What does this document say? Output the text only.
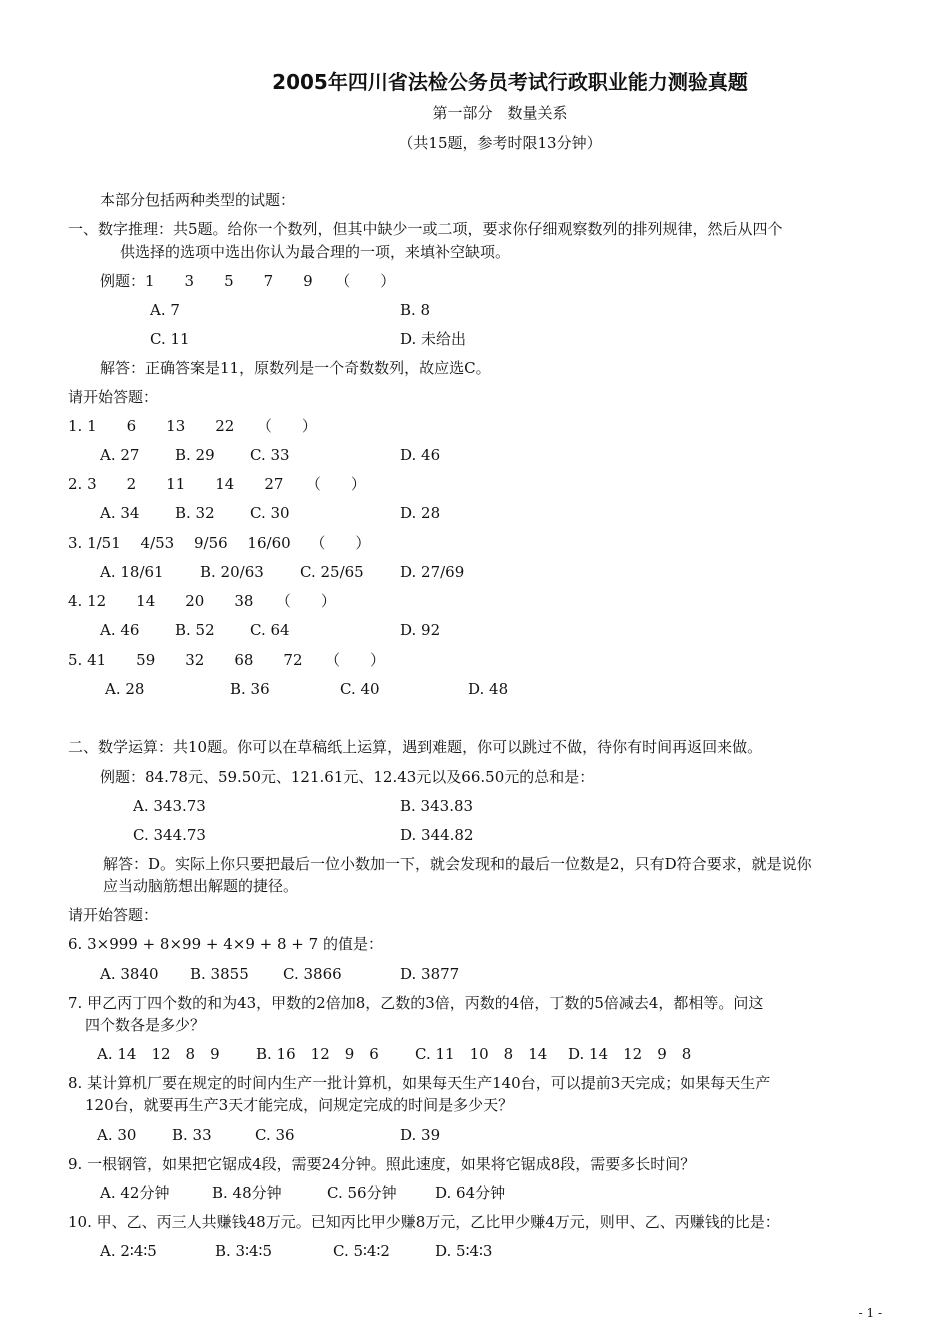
2005年四川省法检公务员考试行政职业能力测验真题
第一部分　数量关系
（共15题，参考时限13分钟）
本部分包括两种类型的试题：
一、数字推理：共5题。给你一个数列，但其中缺少一或二项，要求你仔细观察数列的排列规律，然后从四个
供选择的选项中选出你认为最合理的一项，来填补空缺项。
例题：1　　3　　5　　7　　9　　（　　）
A. 7	B. 8
C. 11	D. 未给出
解答：正确答案是11，原数列是一个奇数数列，故应选C。
请开始答题：
1. 1　　6　　13　　22　　（　　）
A. 27 B. 29 C. 33	D. 46
2. 3　　2　　11　　14　　27　　（　　）
A. 34 B. 32 C. 30	D. 28
3. 1/51　 4/53　 9/56　 16/60　 （　　）
A. 18/61 B. 20/63 C. 25/65 D. 27/69
4. 12　　14　　20　　38　　（　　）
A. 46 B. 52 C. 64	D. 92
5. 41　　59　　32　　68　　72　　（　　）
A. 28	B. 36	C. 40	D. 48
二、数学运算：共10题。你可以在草稿纸上运算，遇到难题，你可以跳过不做，待你有时间再返回来做。
例题：84.78元、59.50元、121.61元、12.43元以及66.50元的总和是：
A. 343.73	B. 343.83
C. 344.73	D. 344.82
解答：D。实际上你只要把最后一位小数加一下，就会发现和的最后一位数是2，只有D符合要求，就是说你
应当动脑筋想出解题的捷径。
请开始答题：
6. 3×999 + 8×99 + 4×9 + 8 + 7 的值是：
A. 3840 B. 3855 C. 3866	D. 3877
7. 甲乙丙丁四个数的和为43，甲数的2倍加8，乙数的3倍，丙数的4倍，丁数的5倍减去4，都相等。问这
四个数各是多少？
A. 14　12　8　9 B. 16　12　9　6 C. 11　10　8　14 D. 14　12　9　8
8. 某计算机厂要在规定的时间内生产一批计算机，如果每天生产140台，可以提前3天完成；如果每天生产
120台，就要再生产3天才能完成，问规定完成的时间是多少天？
A. 30 B. 33	C. 36	D. 39
9. 一根钢管，如果把它锯成4段，需要24分钟。照此速度，如果将它锯成8段，需要多长时间？
A. 42分钟	B. 48分钟	C. 56分钟	D. 64分钟
10. 甲、乙、丙三人共赚钱48万元。已知丙比甲少赚8万元，乙比甲少赚4万元，则甲、乙、丙赚钱的比是：
A. 2∶4∶5	B. 3∶4∶5	C. 5∶4∶2	D. 5∶4∶3
- 1 -
